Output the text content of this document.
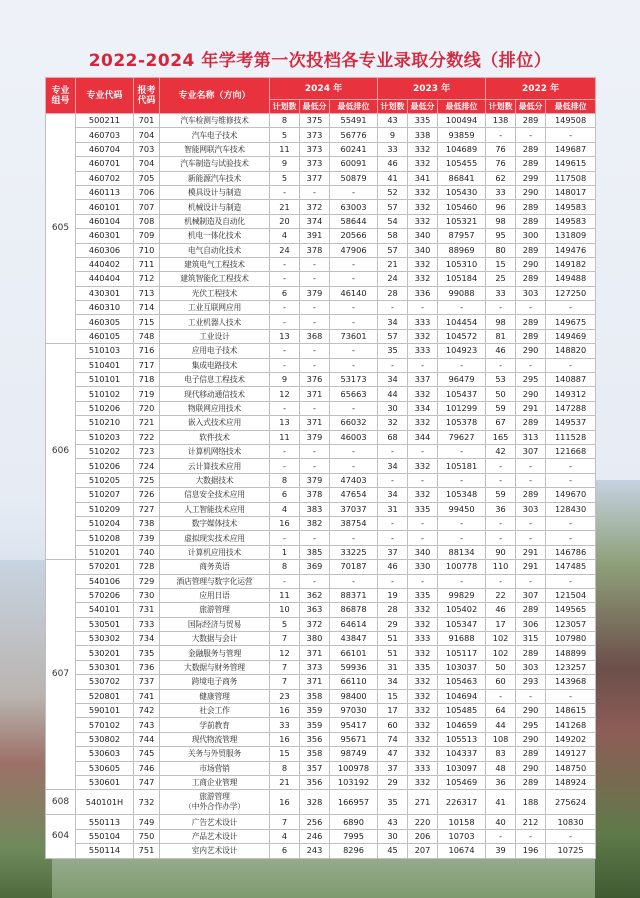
2022-2024 年学考第一次投档各专业录取分数线（排位）
专业
组号	专业代码	报考
代码	专业名称（方向）	2024 年			2023 年			2022 年		
				计划数	最低分	最低排位	计划数	最低分	最低排位	计划数	最低分	最低排位
605	500211	701	汽车检测与维修技术	8	375	55491	43	335	100494	138	289	149508
	460703	704	汽车电子技术	5	373	56776	9	338	93859	-	-	-
	460704	703	智能网联汽车技术	11	373	60241	33	332	104689	76	289	149687
	460701	704	汽车制造与试验技术	9	373	60091	46	332	105455	76	289	149615
	460702	705	新能源汽车技术	5	377	50879	41	341	86841	62	299	117508
	460113	706	模具设计与制造	-	-	-	52	332	105430	33	290	148017
	460101	707	机械设计与制造	21	372	63003	57	332	105460	96	289	149583
	460104	708	机械制造及自动化	20	374	58644	54	332	105321	98	289	149583
	460301	709	机电一体化技术	4	391	20566	58	340	87957	95	300	131809
	460306	710	电气自动化技术	24	378	47906	57	340	88969	80	289	149476
	440402	711	建筑电气工程技术	-	-	-	21	332	105310	15	290	149182
	440404	712	建筑智能化工程技术	-	-	-	24	332	105184	25	289	149488
	430301	713	光伏工程技术	6	379	46140	28	336	99088	33	303	127250
	460310	714	工业互联网应用	-	-	-	-	-	-	-	-	-
	460305	715	工业机器人技术	-	-	-	34	333	104454	98	289	149675
	460105	748	工业设计	13	368	73601	57	332	104572	81	289	149469
606	510103	716	应用电子技术	-	-	-	35	333	104923	46	290	148820
	510401	717	集成电路技术	-	-	-	-	-	-	-	-	-
	510101	718	电子信息工程技术	9	376	53173	34	337	96479	53	295	140887
	510102	719	现代移动通信技术	12	371	65663	44	332	105437	50	290	149312
	510206	720	物联网应用技术	-	-	-	30	334	101299	59	291	147288
	510210	721	嵌入式技术应用	13	371	66032	32	332	105378	67	289	149537
	510203	722	软件技术	11	379	46003	68	344	79627	165	313	111528
	510202	723	计算机网络技术	-	-	-	-	-	-	42	307	121668
	510206	724	云计算技术应用	-	-	-	34	332	105181	-	-	-
	510205	725	大数据技术	8	379	47403	-	-	-	-	-	-
	510207	726	信息安全技术应用	6	378	47654	34	332	105348	59	289	149670
	510209	727	人工智能技术应用	4	383	37037	31	335	99450	36	303	128430
	510204	738	数字媒体技术	16	382	38754	-	-	-	-	-	-
	510208	739	虚拟现实技术应用	-	-	-	-	-	-	-	-	-
	510201	740	计算机应用技术	1	385	33225	37	340	88134	90	291	146786
607	570201	728	商务英语	8	369	70187	46	330	100778	110	291	147485
	540106	729	酒店管理与数字化运营	-	-	-	-	-	-	-	-	-
	570206	730	应用日语	11	362	88371	19	335	99829	22	307	121504
	540101	731	旅游管理	10	363	86878	28	332	105402	46	289	149565
	530501	733	国际经济与贸易	5	372	64614	29	332	105347	17	306	123057
	530302	734	大数据与会计	7	380	43847	51	333	91688	102	315	107980
	530201	735	金融服务与管理	12	371	66101	51	332	105117	102	289	148899
	530301	736	大数据与财务管理	7	373	59936	31	335	103037	50	303	123257
	530702	737	跨境电子商务	7	371	66110	34	332	105463	60	293	143968
	520801	741	健康管理	23	358	98400	15	332	104694	-	-	-
	590101	742	社会工作	16	359	97030	17	332	105485	64	290	148615
	570102	743	学前教育	33	359	95417	60	332	104659	44	295	141268
	530802	744	现代物流管理	16	356	95671	74	332	105513	108	290	149202
	530603	745	关务与外贸服务	15	358	98749	47	332	104337	83	289	149127
	530605	746	市场营销	8	357	100978	37	333	103097	48	290	148750
	530601	747	工商企业管理	21	356	103192	29	332	105469	36	289	148924
608	540101H	732	旅游管理
（中外合作办学）	16	328	166957	35	271	226317	41	188	275624
604	550113	749	广告艺术设计	7	256	6890	43	220	10158	40	212	10830
	550104	750	产品艺术设计	4	246	7995	30	206	10703	-	-	-
	550114	751	室内艺术设计	6	243	8296	45	207	10674	39	196	10725
